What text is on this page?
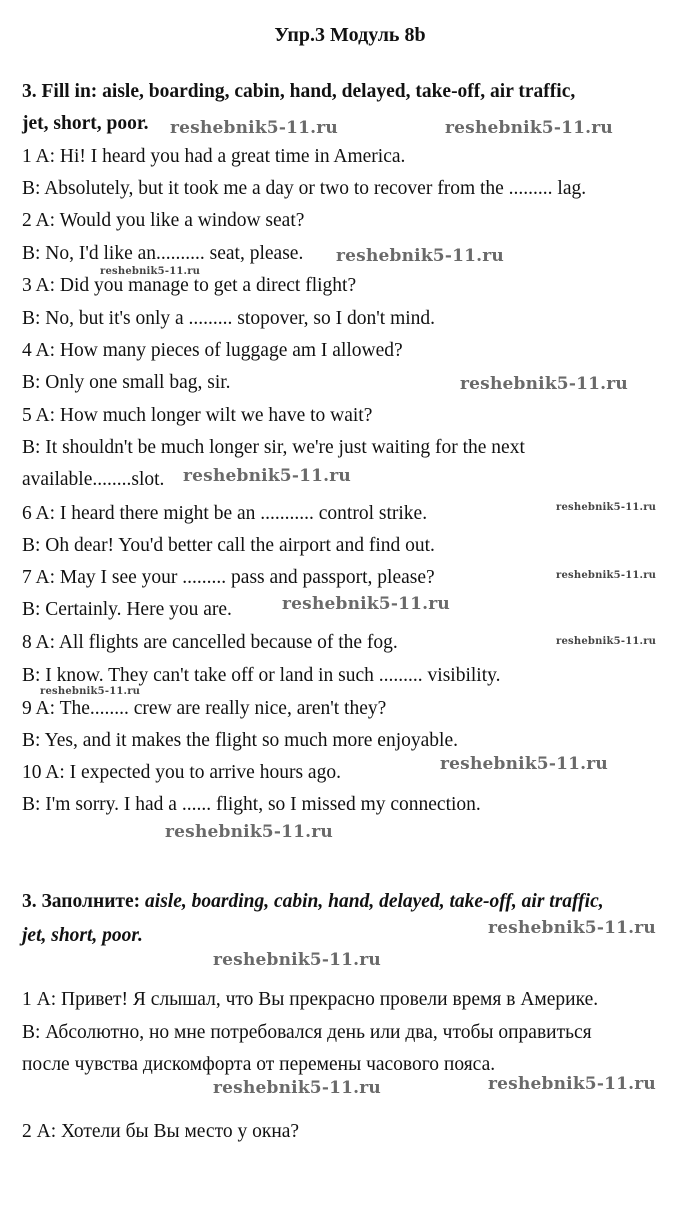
Упр.3 Модуль 8b
3. Fill in: aisle, boarding, cabin, hand, delayed, take-off, air traffic,
jet, short, poor.
1 A: Hi! I heard you had a great time in America.
B: Absolutely, but it took me a day or two to recover from the ......... lag.
2 A: Would you like a window seat?
B: No, I'd like an.......... seat, please.
3 A: Did you manage to get a direct flight?
B: No, but it's only a ......... stopover, so I don't mind.
4 A: How many pieces of luggage am I allowed?
B: Only one small bag, sir.
5 A: How much longer wilt we have to wait?
B: It shouldn't be much longer sir, we're just waiting for the next
available........slot.
6 A: I heard there might be an ........... control strike.
B: Oh dear! You'd better call the airport and find out.
7 A: May I see your ......... pass and passport, please?
B: Certainly. Here you are.
8 A: All flights are cancelled because of the fog.
B: I know. They can't take off or land in such ......... visibility.
9 A: The........ crew are really nice, aren't they?
B: Yes, and it makes the flight so much more enjoyable.
10 A: I expected you to arrive hours ago.
B: I'm sorry. I had a ...... flight, so I missed my connection.
3. Заполните: aisle, boarding, cabin, hand, delayed, take-off, air traffic,
jet, short, poor.
1 А: Привет! Я слышал, что Вы прекрасно провели время в Америке.
В: Абсолютно, но мне потребовался день или два, чтобы оправиться
после чувства дискомфорта от перемены часового пояса.
2 А: Хотели бы Вы место у окна?
reshebnik5-11.ru	reshebnik5-11.ru
reshebnik5-11.ru
reshebnik5-11.ru
reshebnik5-11.ru
reshebnik5-11.ru
reshebnik5-11.ru
reshebnik5-11.ru
reshebnik5-11.ru
reshebnik5-11.ru
reshebnik5-11.ru
reshebnik5-11.ru
reshebnik5-11.ru
reshebnik5-11.ru
reshebnik5-11.ru
reshebnik5-11.ru	reshebnik5-11.ru
